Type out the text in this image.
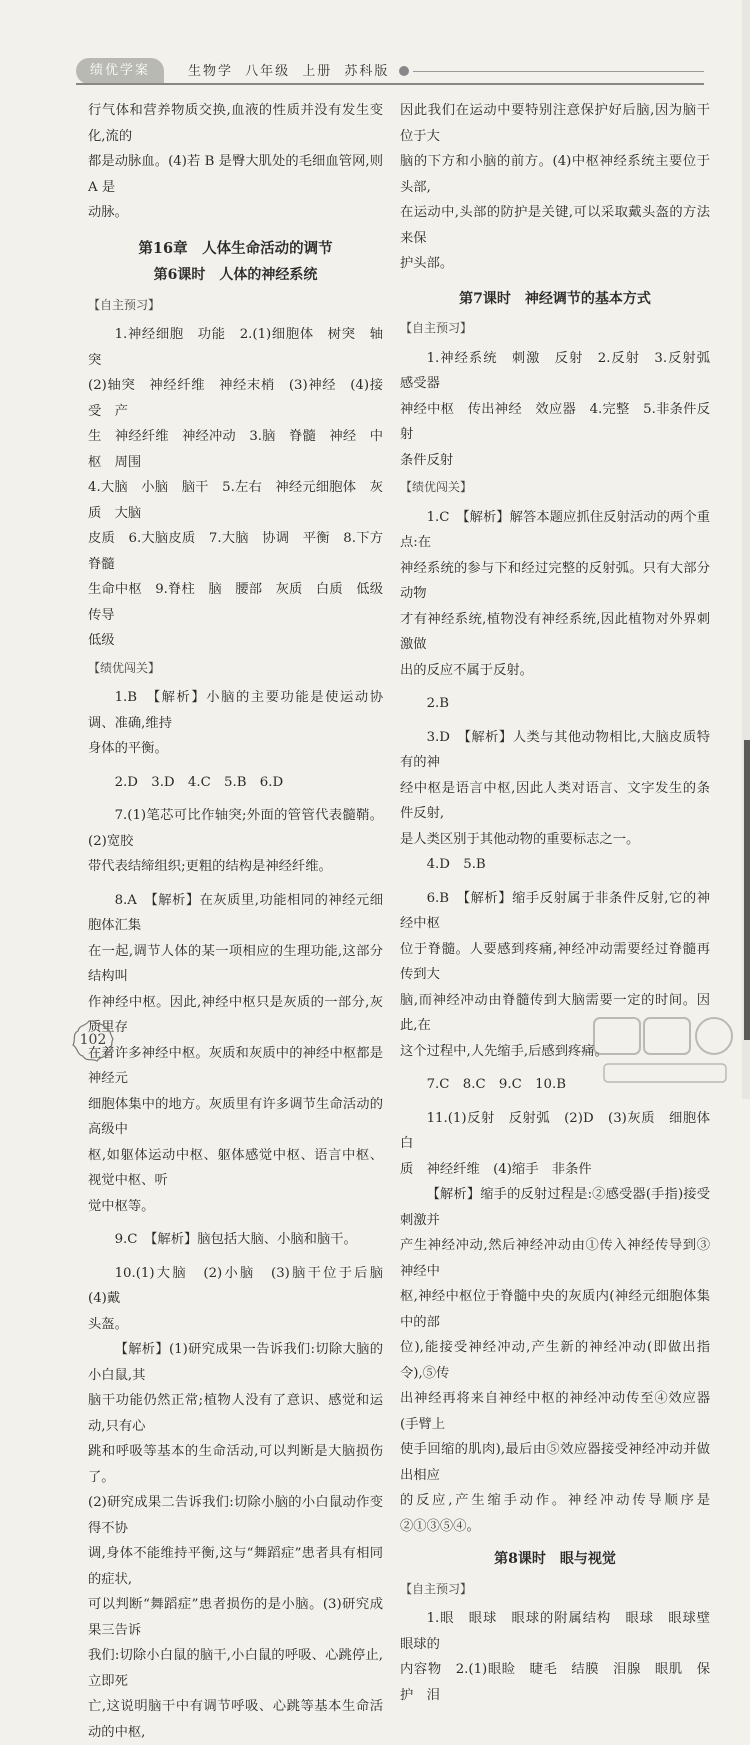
绩优学案	生物学 八年级 上册 苏科版

行气体和营养物质交换,血液的性质并没有发生变化,流的

都是动脉血。(4)若 B 是臀大肌处的毛细血管网,则 A 是

动脉。

第16章　人体生命活动的调节

第6课时　人体的神经系统

【自主预习】

1.神经细胞　功能　2.(1)细胞体　树突　轴突

(2)轴突　神经纤维　神经末梢　(3)神经　(4)接受　产

生　神经纤维　神经冲动　3.脑　脊髓　神经　中枢　周围

4.大脑　小脑　脑干　5.左右　神经元细胞体　灰质　大脑

皮质　6.大脑皮质　7.大脑　协调　平衡　8.下方　脊髓

生命中枢　9.脊柱　脑　腰部　灰质　白质　低级　传导

低级

【绩优闯关】

1.B　【解析】小脑的主要功能是使运动协调、准确,维持

身体的平衡。

2.D　3.D　4.C　5.B　6.D

7.(1)笔芯可比作轴突;外面的管管代表髓鞘。(2)宽胶

带代表结缔组织;更粗的结构是神经纤维。

8.A　【解析】在灰质里,功能相同的神经元细胞体汇集

在一起,调节人体的某一项相应的生理功能,这部分结构叫

作神经中枢。因此,神经中枢只是灰质的一部分,灰质里存

在着许多神经中枢。灰质和灰质中的神经中枢都是神经元

细胞体集中的地方。灰质里有许多调节生命活动的高级中

枢,如躯体运动中枢、躯体感觉中枢、语言中枢、视觉中枢、听

觉中枢等。

9.C　【解析】脑包括大脑、小脑和脑干。

10.(1)大脑　(2)小脑　(3)脑干位于后脑　(4)戴

头盔。

【解析】(1)研究成果一告诉我们:切除大脑的小白鼠,其

脑干功能仍然正常;植物人没有了意识、感觉和运动,只有心

跳和呼吸等基本的生命活动,可以判断是大脑损伤了。

(2)研究成果二告诉我们:切除小脑的小白鼠动作变得不协

调,身体不能维持平衡,这与“舞蹈症”患者具有相同的症状,

可以判断“舞蹈症”患者损伤的是小脑。(3)研究成果三告诉

我们:切除小白鼠的脑干,小白鼠的呼吸、心跳停止,立即死

亡,这说明脑干中有调节呼吸、心跳等基本生命活动的中枢,

因此我们在运动中要特别注意保护好后脑,因为脑干位于大

脑的下方和小脑的前方。(4)中枢神经系统主要位于头部,

在运动中,头部的防护是关键,可以采取戴头盔的方法来保

护头部。

第7课时　神经调节的基本方式

【自主预习】

1.神经系统　刺激　反射　2.反射　3.反射弧　感受器

神经中枢　传出神经　效应器　4.完整　5.非条件反射

条件反射

【绩优闯关】

1.C　【解析】解答本题应抓住反射活动的两个重点:在

神经系统的参与下和经过完整的反射弧。只有大部分动物

才有神经系统,植物没有神经系统,因此植物对外界刺激做

出的反应不属于反射。

2.B

3.D　【解析】人类与其他动物相比,大脑皮质特有的神

经中枢是语言中枢,因此人类对语言、文字发生的条件反射,

是人类区别于其他动物的重要标志之一。

4.D　5.B

6.B　【解析】缩手反射属于非条件反射,它的神经中枢

位于脊髓。人要感到疼痛,神经冲动需要经过脊髓再传到大

脑,而神经冲动由脊髓传到大脑需要一定的时间。因此,在

这个过程中,人先缩手,后感到疼痛。

7.C　8.C　9.C　10.B

11.(1)反射　反射弧　(2)D　(3)灰质　细胞体　白

质　神经纤维　(4)缩手　非条件

【解析】缩手的反射过程是:②感受器(手指)接受刺激并

产生神经冲动,然后神经冲动由①传入神经传导到③神经中

枢,神经中枢位于脊髓中央的灰质内(神经元细胞体集中的部

位),能接受神经冲动,产生新的神经冲动(即做出指令),⑤传

出神经再将来自神经中枢的神经冲动传至④效应器(手臂上

使手回缩的肌肉),最后由⑤效应器接受神经冲动并做出相应

的反应,产生缩手动作。神经冲动传导顺序是②①③⑤④。

第8课时　眼与视觉

【自主预习】

1.眼　眼球　眼球的附属结构　眼球　眼球壁　眼球的

内容物　2.(1)眼睑　睫毛　结膜　泪腺　眼肌　保护　泪

102
